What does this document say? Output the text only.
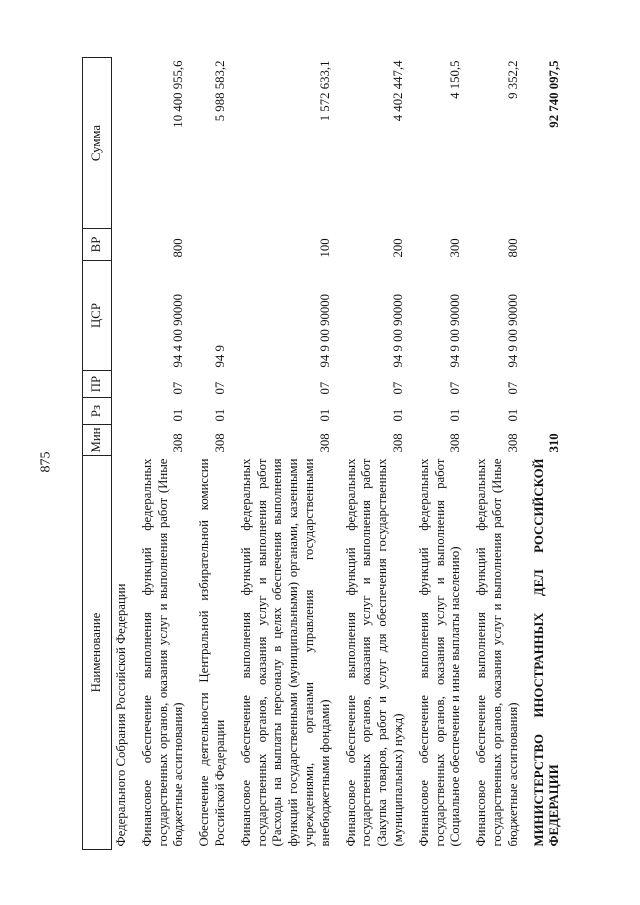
875
Наименование	Мин	Рз	ПР	ЦСР	ВР	Сумма
Федерального Собрания Российской Федерации						
Финансовое обеспечение выполнения функций федеральных государственных органов, оказания услуг и выполнения работ (Иные бюджетные ассигнования)	308	01	07	94 4 00 90000	800	10 400 955,6
Обеспечение деятельности Центральной избирательной комиссии Российской Федерации	308	01	07	94 9		5 988 583,2
Финансовое обеспечение выполнения функций федеральных государственных органов, оказания услуг и выполнения работ (Расходы на выплаты персоналу в целях обеспечения выполнения функций государственными (муниципальными) органами, казенными учреждениями, органами управления государственными внебюджетными фондами)	308	01	07	94 9 00 90000	100	1 572 633,1
Финансовое обеспечение выполнения функций федеральных государственных органов, оказания услуг и выполнения работ (Закупка товаров, работ и услуг для обеспечения государственных (муниципальных) нужд)	308	01	07	94 9 00 90000	200	4 402 447,4
Финансовое обеспечение выполнения функций федеральных государственных органов, оказания услуг и выполнения работ (Социальное обеспечение и иные выплаты населению)	308	01	07	94 9 00 90000	300	4 150,5
Финансовое обеспечение выполнения функций федеральных государственных органов, оказания услуг и выполнения работ (Иные бюджетные ассигнования)	308	01	07	94 9 00 90000	800	9 352,2
МИНИСТЕРСТВО ИНОСТРАННЫХ ДЕЛ РОССИЙСКОЙ ФЕДЕРАЦИИ	310					92 740 097,5
